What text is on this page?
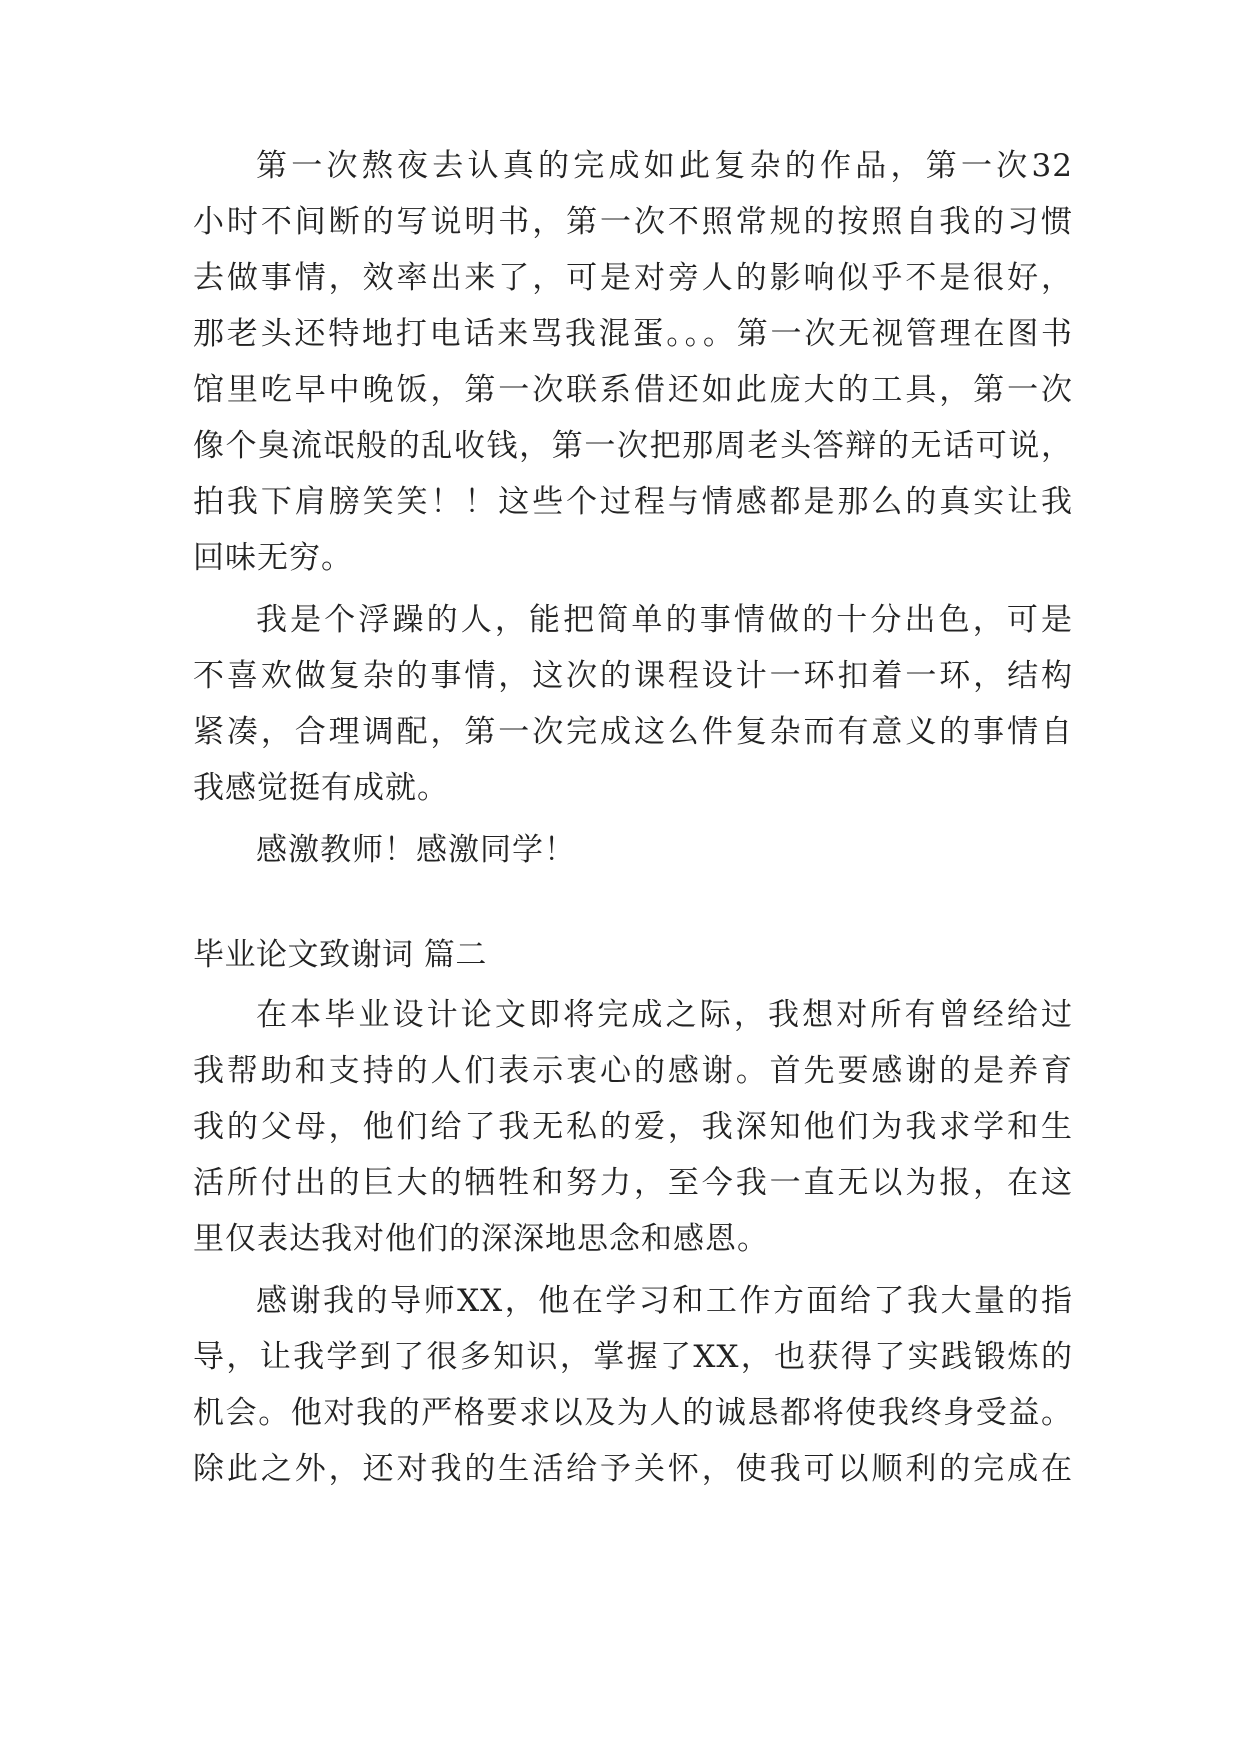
第一次熬夜去认真的完成如此复杂的作品，第一次32
小时不间断的写说明书，第一次不照常规的按照自我的习惯
去做事情，效率出来了，可是对旁人的影响似乎不是很好，
那老头还特地打电话来骂我混蛋。。。第一次无视管理在图书
馆里吃早中晚饭，第一次联系借还如此庞大的工具，第一次
像个臭流氓般的乱收钱，第一次把那周老头答辩的无话可说，
拍我下肩膀笑笑！！这些个过程与情感都是那么的真实让我
回味无穷。
我是个浮躁的人，能把简单的事情做的十分出色，可是
不喜欢做复杂的事情，这次的课程设计一环扣着一环，结构
紧凑，合理调配，第一次完成这么件复杂而有意义的事情自
我感觉挺有成就。
感激教师！感激同学！
毕业论文致谢词 篇二
在本毕业设计论文即将完成之际，我想对所有曾经给过
我帮助和支持的人们表示衷心的感谢。首先要感谢的是养育
我的父母，他们给了我无私的爱，我深知他们为我求学和生
活所付出的巨大的牺牲和努力，至今我一直无以为报，在这
里仅表达我对他们的深深地思念和感恩。
感谢我的导师XX，他在学习和工作方面给了我大量的指
导，让我学到了很多知识，掌握了XX，也获得了实践锻炼的
机会。他对我的严格要求以及为人的诚恳都将使我终身受益。
除此之外，还对我的生活给予关怀，使我可以顺利的完成在
